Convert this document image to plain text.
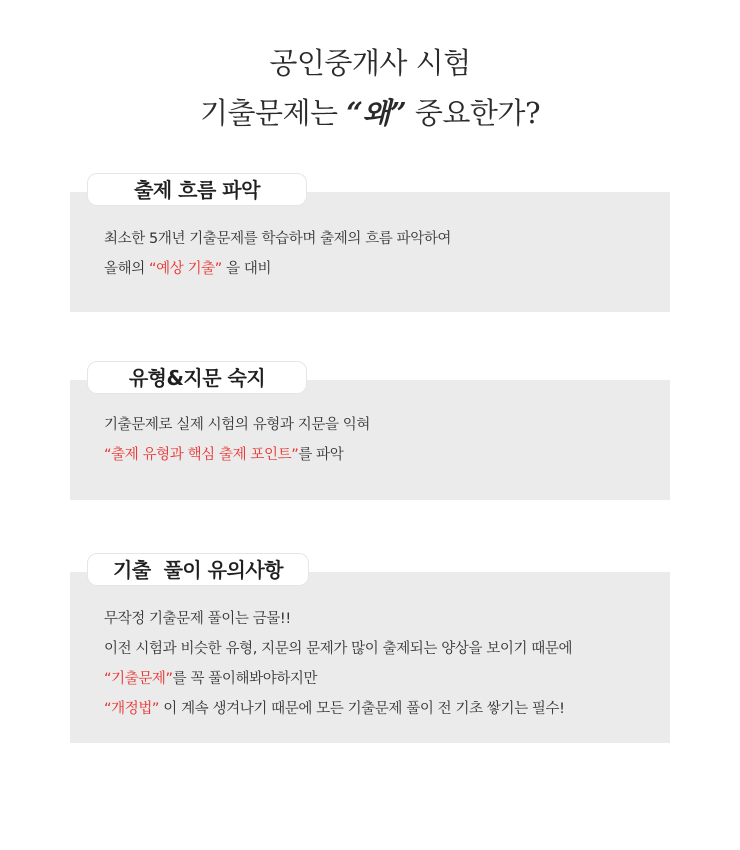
공인중개사 시험
기출문제는 “왜” 중요한가?
출제 흐름 파악
최소한 5개년 기출문제를 학습하며 출제의 흐름 파악하여
올해의 “예상 기출” 을 대비
유형&지문 숙지
기출문제로 실제 시험의 유형과 지문을 익혀
“출제 유형과 핵심 출제 포인트”를 파악
기출  풀이 유의사항
무작정 기출문제 풀이는 금물!!
이전 시험과 비슷한 유형, 지문의 문제가 많이 출제되는 양상을 보이기 때문에
“기출문제”를 꼭 풀이해봐야하지만
“개정법” 이 계속 생겨나기 때문에 모든 기출문제 풀이 전 기초 쌓기는 필수!
